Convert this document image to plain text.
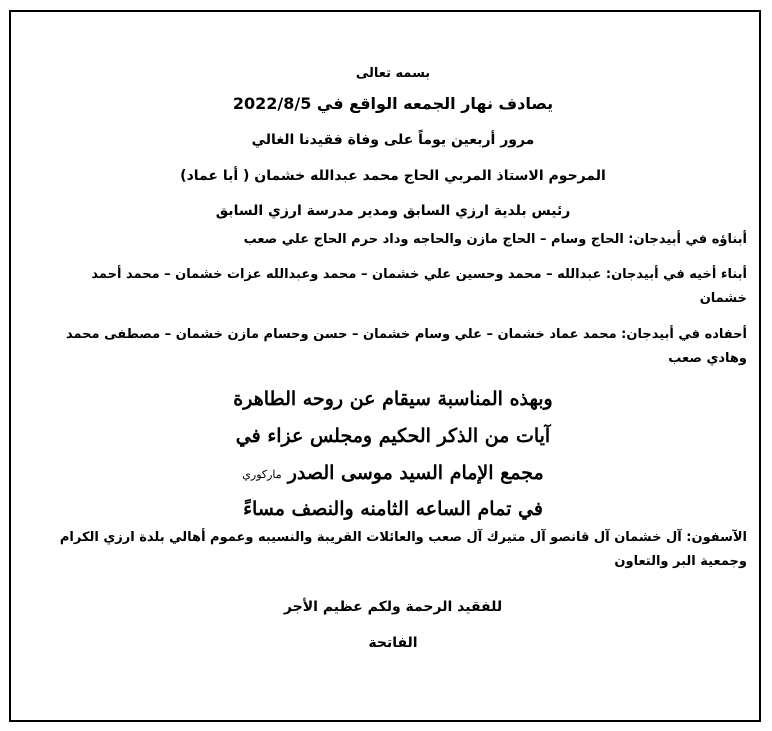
بسمه تعالى
يصادف نهار الجمعه الواقع في 2022/8/5
مرور أربعين يوماً على وفاة فقيدنا الغالي
المرحوم الاستاذ المربي الحاج محمد عبدالله خشمان ( أبا عماد)
رئيس بلدية ارزي السابق ومدير مدرسة ارزي السابق
أبناؤه في أبيدجان: الحاج وسام – الحاج مازن والحاجه وداد حرم الحاج علي صعب
أبناء أخيه في أبيدجان: عبدالله – محمد وحسين علي خشمان – محمد وعبدالله عزات خشمان – محمد أحمد خشمان
أحفاده في أبيدجان: محمد عماد خشمان – علي وسام خشمان – حسن وحسام مازن خشمان – مصطفى محمد وهادي صعب
وبهذه المناسبة سيقام عن روحه الطاهرة
آيات من الذكر الحكيم ومجلس عزاء في
مجمع الإمام السيد موسى الصدرماركوري
في تمام الساعه الثامنه والنصف مساءً
الآسفون: آل خشمان آل قانصو آل متيرك آل صعب والعائلات القريبة والنسيبه وعموم أهالي بلدة ارزي الكرام وجمعية البر والتعاون
للفقيد الرحمة ولكم عظيم الأجر
الفاتحة
